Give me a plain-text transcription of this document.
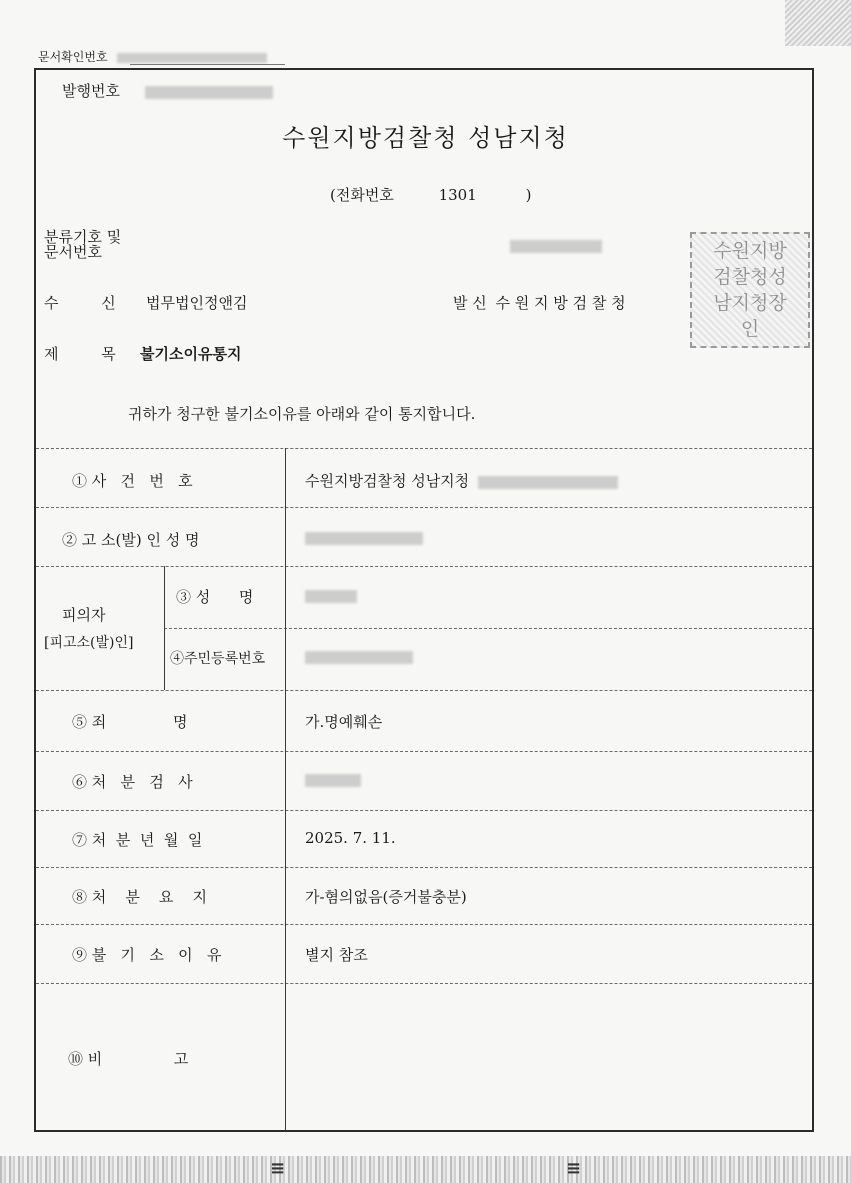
문서확인번호
발행번호
수원지방검찰청 성남지청
(전화번호	1301	)
분류기호 및
문서번호
수 신 법무법인정앤김	발 신 수 원 지 방 검 찰 청
수원지방
검찰청성
남지청장
인
제 목 불기소이유통지
귀하가 청구한 불기소이유를 아래와 같이 통지합니다.
① 사   건   번   호	수원지방검찰청 성남지청
② 고 소(발) 인 성 명
피의자
[피고소(발)인]
③ 성      명
④주민등록번호
⑤ 죄              명	가.명예훼손
⑥ 처   분   검   사
⑦ 처  분  년  월  일	2025. 7. 11.
⑧ 처    분    요    지	가-혐의없음(증거불충분)
⑨ 불   기   소   이   유	별지 참조
⑩ 비               고
≡	≡
